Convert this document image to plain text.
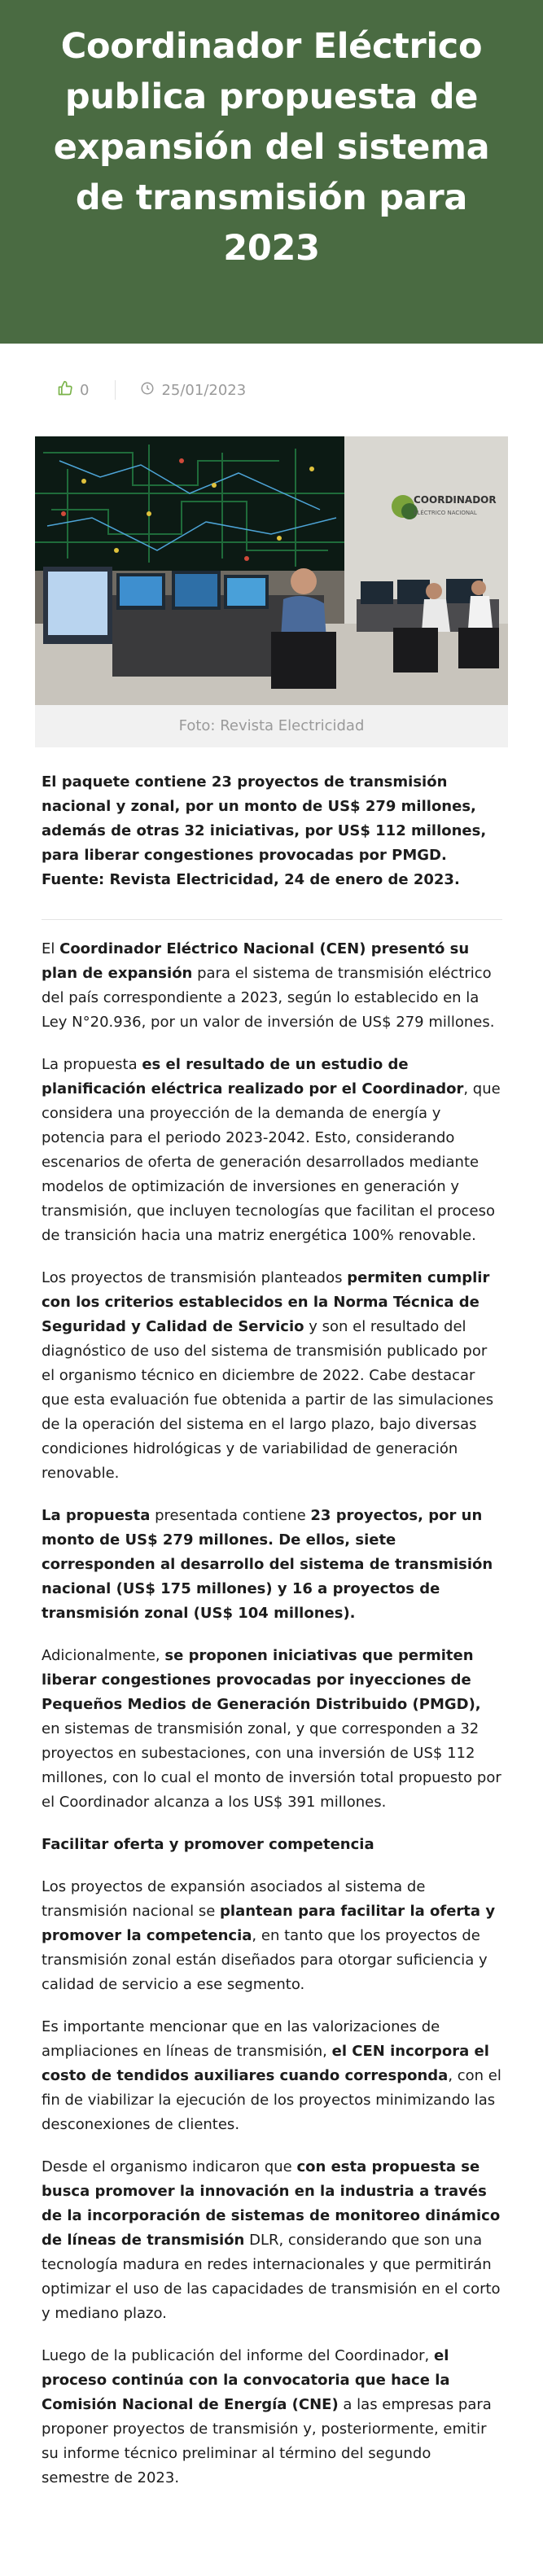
Coordinador Eléctrico publica propuesta de expansión del sistema de transmisión para 2023
0	25/01/2023
COORDINADOR
ELÉCTRICO NACIONAL
Foto: Revista Electricidad

El paquete contiene 23 proyectos de transmisión nacional y zonal, por un monto de US$ 279 millones, además de otras 32 iniciativas, por US$ 112 millones, para liberar congestiones provocadas por PMGD. Fuente: Revista Electricidad, 24 de enero de 2023.

El Coordinador Eléctrico Nacional (CEN) presentó su plan de expansión para el sistema de transmisión eléctrico del país correspondiente a 2023, según lo establecido en la Ley N°20.936, por un valor de inversión de US$ 279 millones.

La propuesta es el resultado de un estudio de planificación eléctrica realizado por el Coordinador, que considera una proyección de la demanda de energía y potencia para el periodo 2023-2042. Esto, considerando escenarios de oferta de generación desarrollados mediante modelos de optimización de inversiones en generación y transmisión, que incluyen tecnologías que facilitan el proceso de transición hacia una matriz energética 100% renovable.

Los proyectos de transmisión planteados permiten cumplir con los criterios establecidos en la Norma Técnica de Seguridad y Calidad de Servicio y son el resultado del diagnóstico de uso del sistema de transmisión publicado por el organismo técnico en diciembre de 2022. Cabe destacar que esta evaluación fue obtenida a partir de las simulaciones de la operación del sistema en el largo plazo, bajo diversas condiciones hidrológicas y de variabilidad de generación renovable.

La propuesta presentada contiene 23 proyectos, por un monto de US$ 279 millones. De ellos, siete corresponden al desarrollo del sistema de transmisión nacional (US$ 175 millones) y 16 a proyectos de transmisión zonal (US$ 104 millones).

Adicionalmente, se proponen iniciativas que permiten liberar congestiones provocadas por inyecciones de Pequeños Medios de Generación Distribuido (PMGD), en sistemas de transmisión zonal, y que corresponden a 32 proyectos en subestaciones, con una inversión de US$ 112 millones, con lo cual el monto de inversión total propuesto por el Coordinador alcanza a los US$ 391 millones.

Facilitar oferta y promover competencia

Los proyectos de expansión asociados al sistema de transmisión nacional se plantean para facilitar la oferta y promover la competencia, en tanto que los proyectos de transmisión zonal están diseñados para otorgar suficiencia y calidad de servicio a ese segmento.

Es importante mencionar que en las valorizaciones de ampliaciones en líneas de transmisión, el CEN incorpora el costo de tendidos auxiliares cuando corresponda, con el fin de viabilizar la ejecución de los proyectos minimizando las desconexiones de clientes.

Desde el organismo indicaron que con esta propuesta se busca promover la innovación en la industria a través de la incorporación de sistemas de monitoreo dinámico de líneas de transmisión DLR, considerando que son una tecnología madura en redes internacionales y que permitirán optimizar el uso de las capacidades de transmisión en el corto y mediano plazo.

Luego de la publicación del informe del Coordinador, el proceso continúa con la convocatoria que hace la Comisión Nacional de Energía (CNE) a las empresas para proponer proyectos de transmisión y, posteriormente, emitir su informe técnico preliminar al término del segundo semestre de 2023.
